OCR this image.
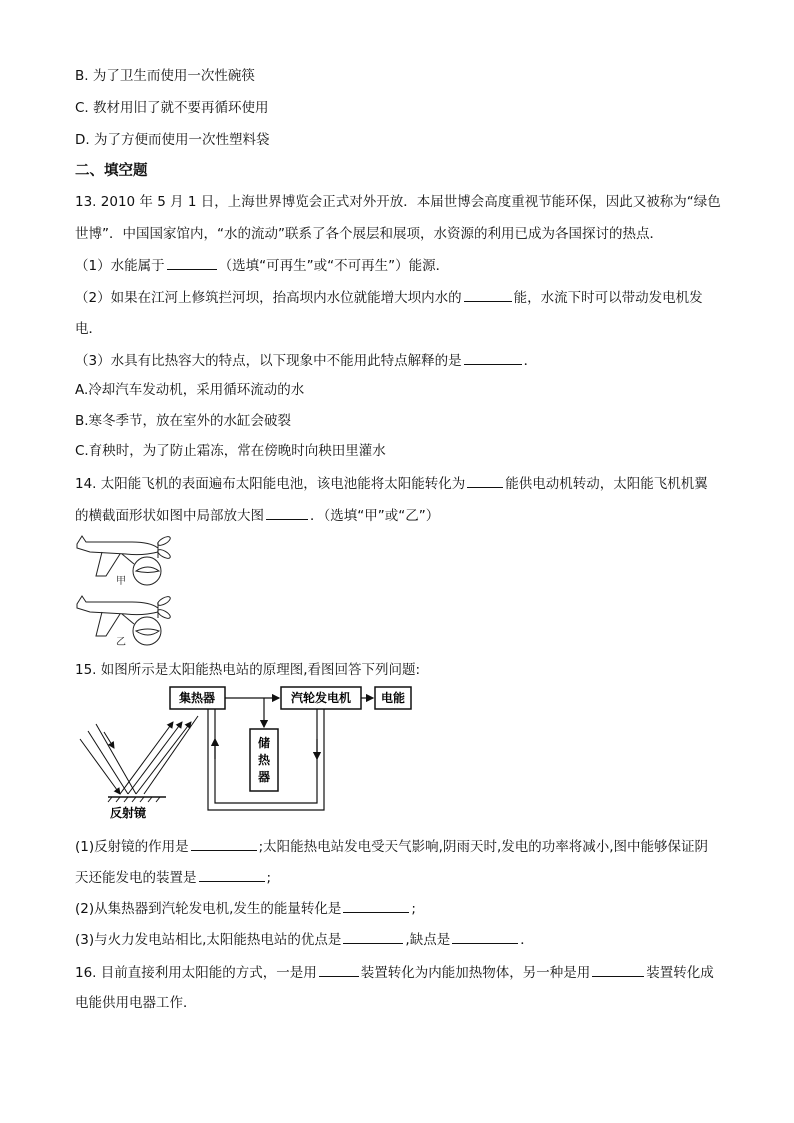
B. 为了卫生而使用一次性碗筷
C. 教材用旧了就不要再循环使用
D. 为了方便而使用一次性塑料袋
二、填空题
13. 2010 年 5 月 1 日，上海世界博览会正式对外开放．本届世博会高度重视节能环保，因此又被称为“绿色
世博”．中国国家馆内，“水的流动”联系了各个展层和展项，水资源的利用已成为各国探讨的热点．
（1）水能属于	（选填“可再生”或“不可再生”）能源．
（2）如果在江河上修筑拦河坝，抬高坝内水位就能增大坝内水的	能，水流下时可以带动发电机发
电．
（3）水具有比热容大的特点，以下现象中不能用此特点解释的是	．
A.冷却汽车发动机，采用循环流动的水
B.寒冬季节，放在室外的水缸会破裂
C.育秧时，为了防止霜冻，常在傍晚时向秧田里灌水
14. 太阳能飞机的表面遍布太阳能电池，该电池能将太阳能转化为	能供电动机转动，太阳能飞机机翼
的横截面形状如图中局部放大图	．（选填“甲”或“乙”）
甲
乙
15. 如图所示是太阳能热电站的原理图,看图回答下列问题:
集热器	汽轮发电机 电能
储
热
器
反射镜
(1)反射镜的作用是	;太阳能热电站发电受天气影响,阴雨天时,发电的功率将减小,图中能够保证阴
天还能发电的装置是	;
(2)从集热器到汽轮发电机,发生的能量转化是	;
(3)与火力发电站相比,太阳能热电站的优点是	,缺点是	．
16. 目前直接利用太阳能的方式，一是用	装置转化为内能加热物体，另一种是用	装置转化成
电能供用电器工作．
